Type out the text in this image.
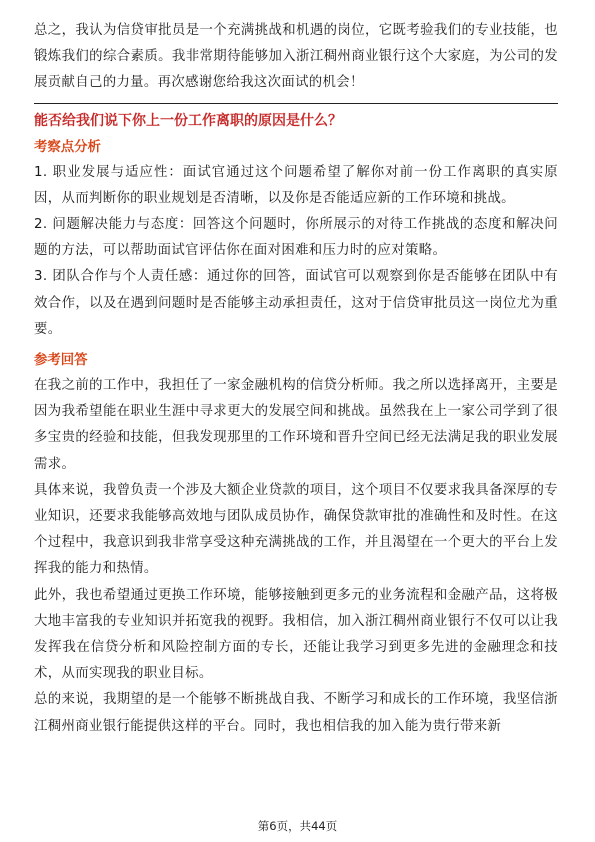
总之，我认为信贷审批员是一个充满挑战和机遇的岗位，它既考验我们的专业技能，也锻炼我们的综合素质。我非常期待能够加入浙江稠州商业银行这个大家庭，为公司的发展贡献自己的力量。再次感谢您给我这次面试的机会！

能否给我们说下你上一份工作离职的原因是什么？
考察点分析

1. 职业发展与适应性：面试官通过这个问题希望了解你对前一份工作离职的真实原因，从而判断你的职业规划是否清晰，以及你是否能适应新的工作环境和挑战。

2. 问题解决能力与态度：回答这个问题时，你所展示的对待工作挑战的态度和解决问题的方法，可以帮助面试官评估你在面对困难和压力时的应对策略。

3. 团队合作与个人责任感：通过你的回答，面试官可以观察到你是否能够在团队中有效合作，以及在遇到问题时是否能够主动承担责任，这对于信贷审批员这一岗位尤为重要。

参考回答

在我之前的工作中，我担任了一家金融机构的信贷分析师。我之所以选择离开，主要是因为我希望能在职业生涯中寻求更大的发展空间和挑战。虽然我在上一家公司学到了很多宝贵的经验和技能，但我发现那里的工作环境和晋升空间已经无法满足我的职业发展需求。

具体来说，我曾负责一个涉及大额企业贷款的项目，这个项目不仅要求我具备深厚的专业知识，还要求我能够高效地与团队成员协作，确保贷款审批的准确性和及时性。在这个过程中，我意识到我非常享受这种充满挑战的工作，并且渴望在一个更大的平台上发挥我的能力和热情。

此外，我也希望通过更换工作环境，能够接触到更多元的业务流程和金融产品，这将极大地丰富我的专业知识并拓宽我的视野。我相信，加入浙江稠州商业银行不仅可以让我发挥我在信贷分析和风险控制方面的专长，还能让我学习到更多先进的金融理念和技术，从而实现我的职业目标。

总的来说，我期望的是一个能够不断挑战自我、不断学习和成长的工作环境，我坚信浙江稠州商业银行能提供这样的平台。同时，我也相信我的加入能为贵行带来新

第6页，共44页
